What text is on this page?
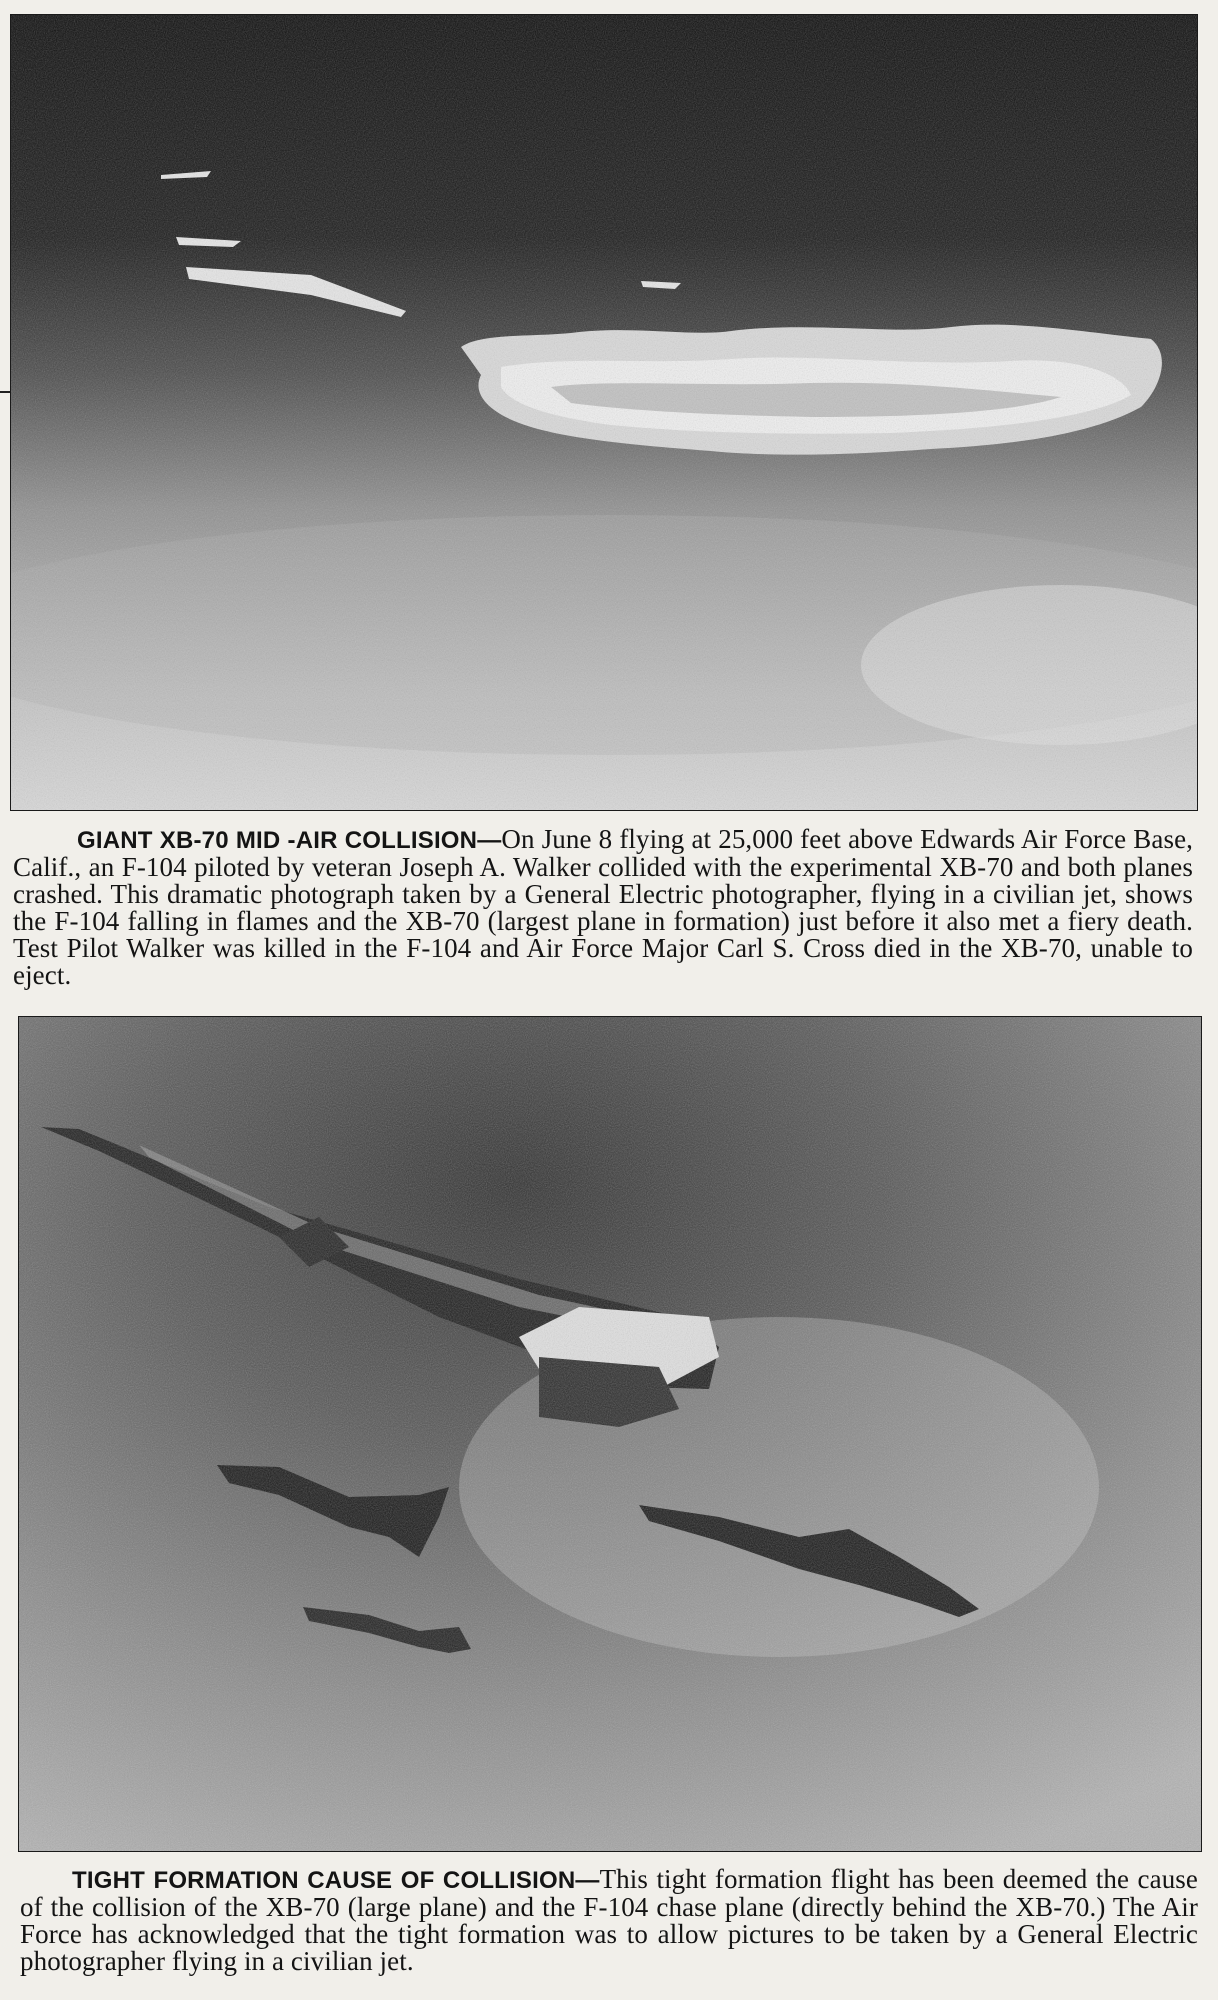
GIANT XB-70 MID -AIR COLLISION—On June 8 flying at 25,000 feet above Edwards Air Force Base, Calif., an F-104 piloted by veteran Joseph A. Walker collided with the experimental XB-70 and both planes crashed. This dramatic photograph taken by a General Electric photographer, flying in a civilian jet, shows the F-104 falling in flames and the XB-70 (largest plane in formation) just before it also met a fiery death. Test Pilot Walker was killed in the F-104 and Air Force Major Carl S. Cross died in the XB-70, unable to eject.
TIGHT FORMATION CAUSE OF COLLISION—This tight formation flight has been deemed the cause of the collision of the XB-70 (large plane) and the F-104 chase plane (directly behind the XB-70.) The Air Force has acknowledged that the tight formation was to allow pictures to be taken by a General Electric photographer flying in a civilian jet.
